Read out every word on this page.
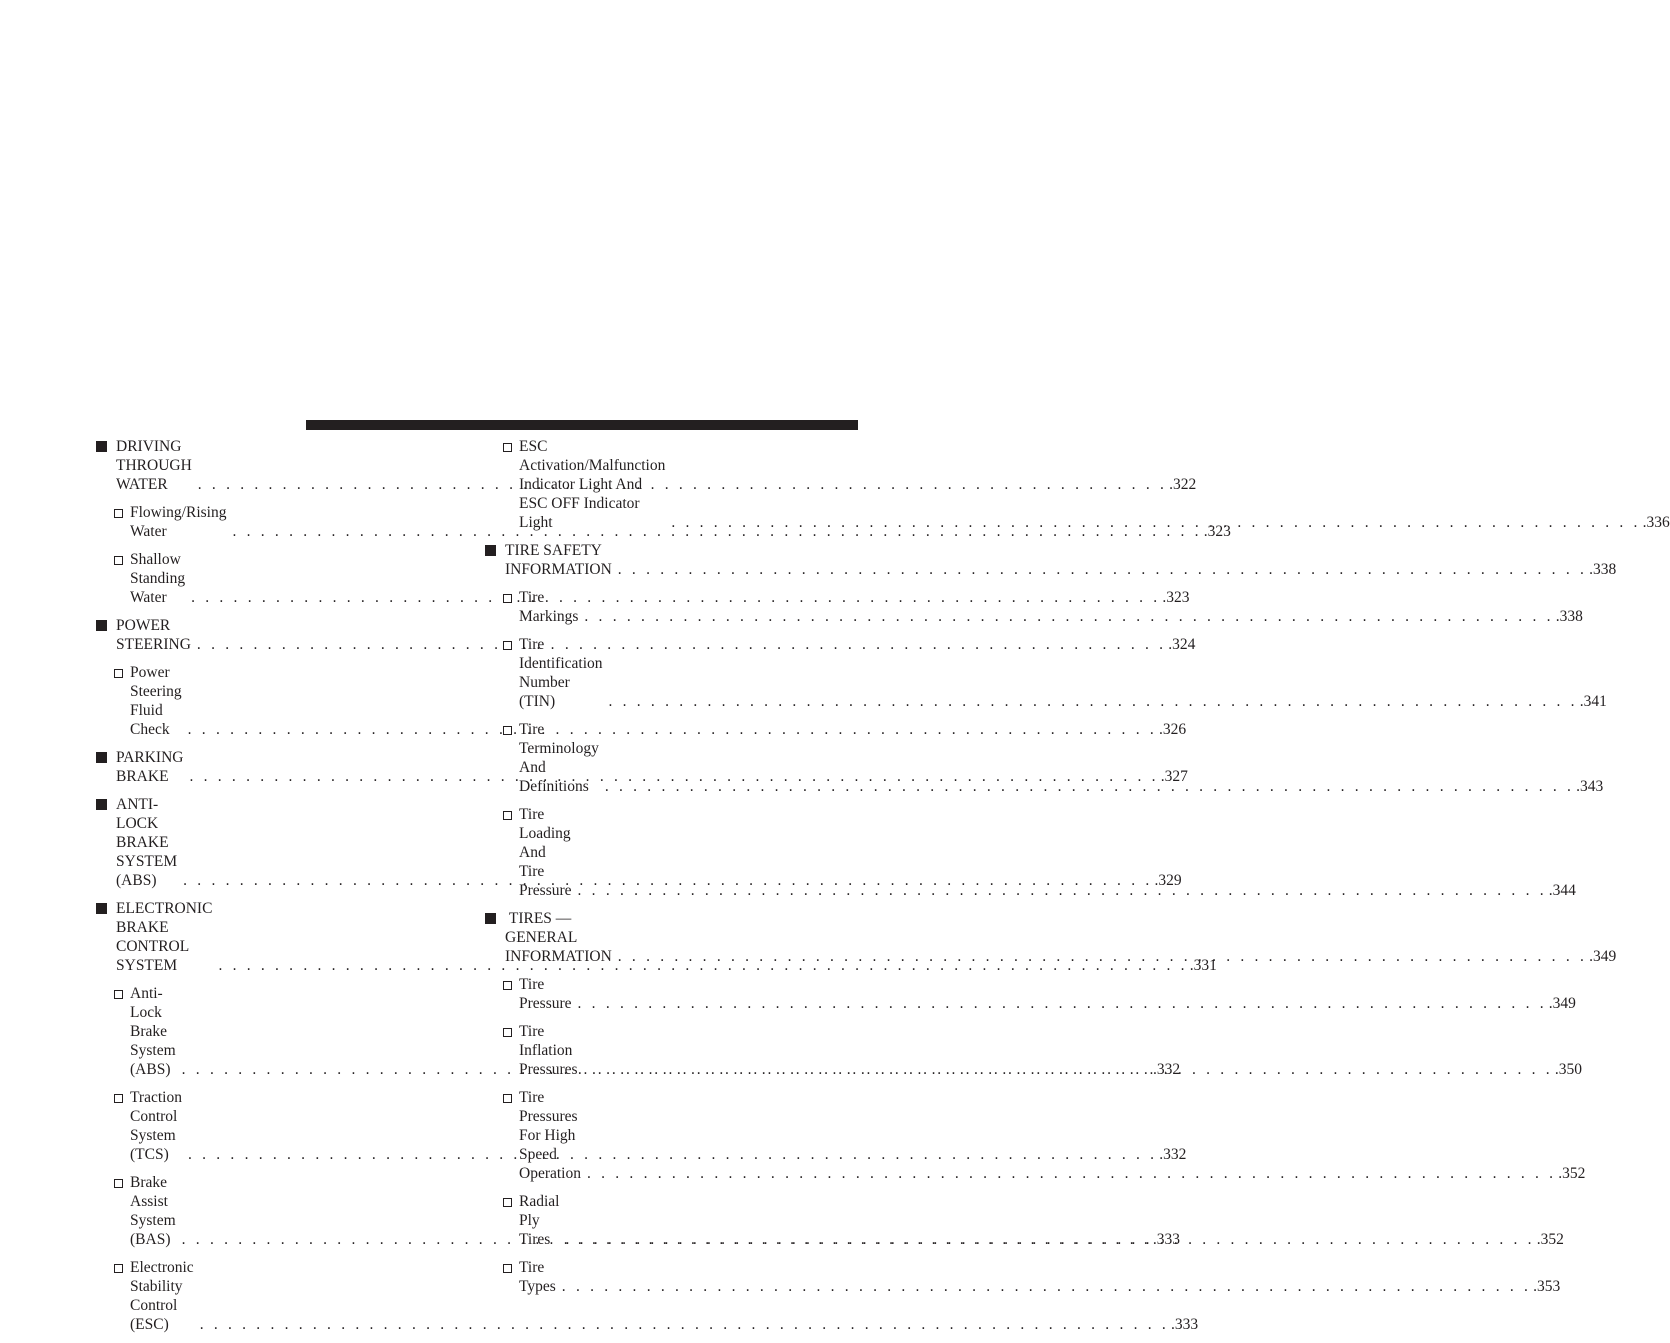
DRIVING THROUGH WATER . . .	.322
Flowing/Rising Water . . .	.323
Shallow Standing Water . . .	.323
POWER STEERING . . .	.324
Power Steering Fluid Check . . .	.326
PARKING BRAKE . . .	.327
ANTI-LOCK BRAKE SYSTEM (ABS) . . .	.329
ELECTRONIC BRAKE CONTROL SYSTEM . . .	.331
Anti-Lock Brake System (ABS) . . .	.332
Traction Control System (TCS) . . .	.332
Brake Assist System (BAS) . . .	.333
Electronic Stability Control (ESC) . . .	.333
ESC Activation/Malfunction Indicator Light And
ESC OFF Indicator Light . . .	.336
TIRE SAFETY INFORMATION . . .	.338
Tire Markings . . .	.338
Tire Identification Number (TIN) . . .	.341
Tire Terminology And Definitions . . .	.343
Tire Loading And Tire Pressure . . .	.344
TIRES — GENERAL INFORMATION . . .	.349
Tire Pressure . . .	.349
Tire Inflation Pressures . . .	.350
Tire Pressures For High Speed Operation . . .	.352
Radial Ply Tires . . .	.352
Tire Types . . .	.353
